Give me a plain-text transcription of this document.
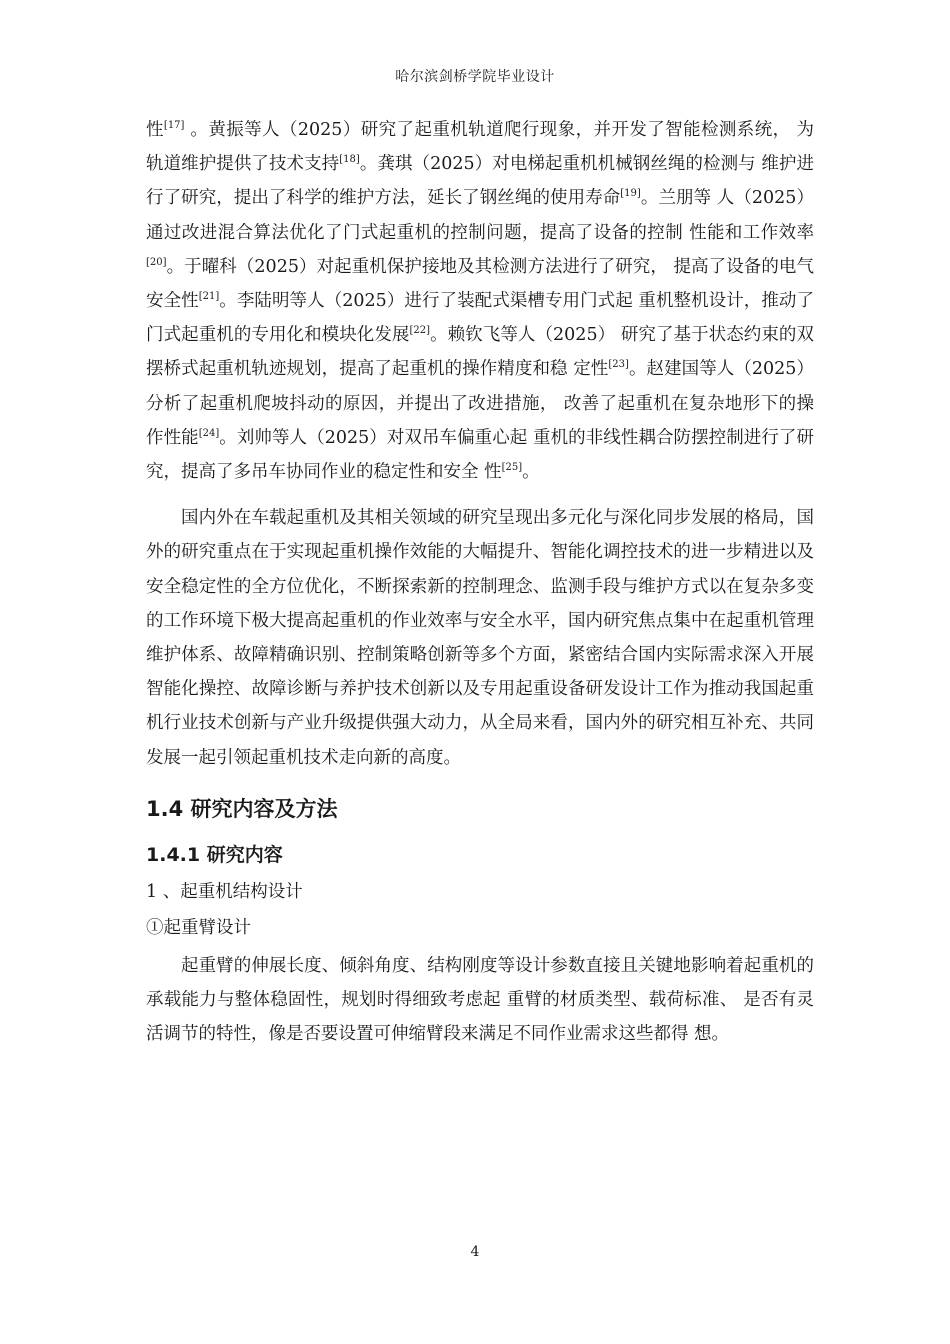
哈尔滨剑桥学院毕业设计

性[17] 。黄振等人（2025）研究了起重机轨道爬行现象，并开发了智能检测系统， 为轨道维护提供了技术支持[18]。龚琪（2025）对电梯起重机机械钢丝绳的检测与 维护进行了研究，提出了科学的维护方法，延长了钢丝绳的使用寿命[19]。兰朋等 人（2025）通过改进混合算法优化了门式起重机的控制问题，提高了设备的控制 性能和工作效率[20]。于曜科（2025）对起重机保护接地及其检测方法进行了研究， 提高了设备的电气安全性[21]。李陆明等人（2025）进行了装配式渠槽专用门式起 重机整机设计，推动了门式起重机的专用化和模块化发展[22]。赖钦飞等人（2025） 研究了基于状态约束的双摆桥式起重机轨迹规划，提高了起重机的操作精度和稳 定性[23]。赵建国等人（2025）分析了起重机爬坡抖动的原因，并提出了改进措施， 改善了起重机在复杂地形下的操作性能[24]。刘帅等人（2025）对双吊车偏重心起 重机的非线性耦合防摆控制进行了研究，提高了多吊车协同作业的稳定性和安全 性[25]。

国内外在车载起重机及其相关领域的研究呈现出多元化与深化同步发展的格局，国外的研究重点在于实现起重机操作效能的大幅提升、智能化调控技术的进一步精进以及安全稳定性的全方位优化，不断探索新的控制理念、监测手段与维护方式以在复杂多变的工作环境下极大提高起重机的作业效率与安全水平，国内研究焦点集中在起重机管理维护体系、故障精确识别、控制策略创新等多个方面，紧密结合国内实际需求深入开展智能化操控、故障诊断与养护技术创新以及专用起重设备研发设计工作为推动我国起重机行业技术创新与产业升级提供强大动力，从全局来看，国内外的研究相互补充、共同发展一起引领起重机技术走向新的高度。

1.4 研究内容及方法
1.4.1 研究内容

1 、起重机结构设计

①起重臂设计

起重臂的伸展长度、倾斜角度、结构刚度等设计参数直接且关键地影响着起重机的承载能力与整体稳固性，规划时得细致考虑起 重臂的材质类型、载荷标准、 是否有灵活调节的特性，像是否要设置可伸缩臂段来满足不同作业需求这些都得 想。

4
